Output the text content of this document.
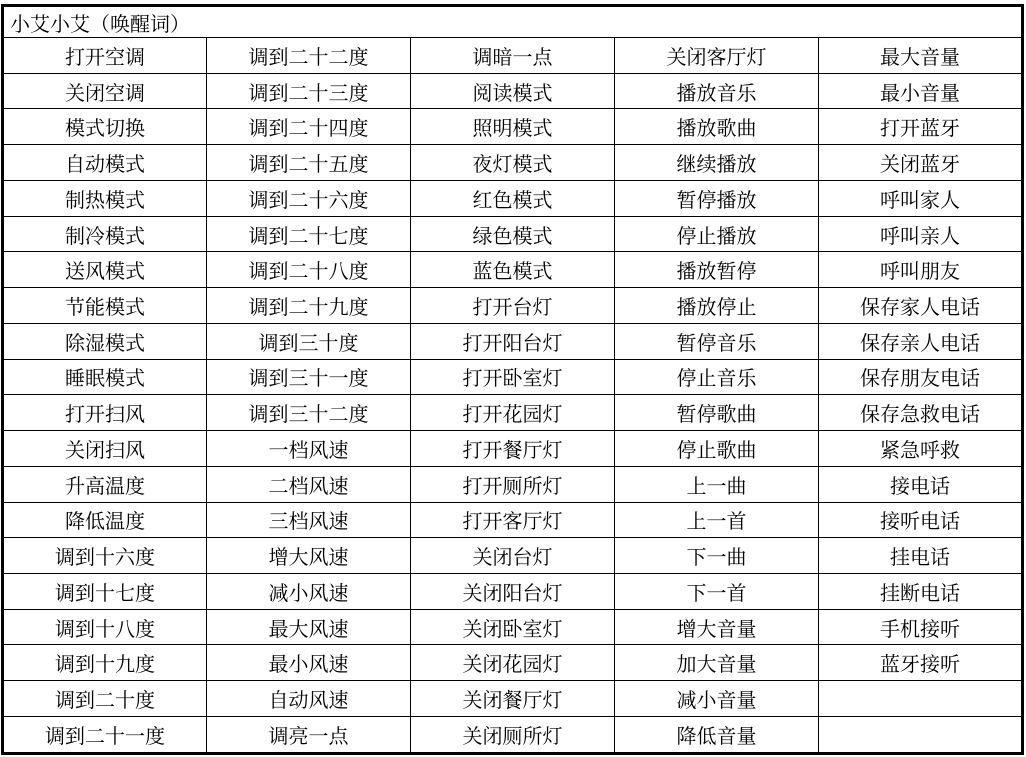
小艾小艾（唤醒词）				
打开空调	调到二十二度	调暗一点	关闭客厅灯	最大音量
关闭空调	调到二十三度	阅读模式	播放音乐	最小音量
模式切换	调到二十四度	照明模式	播放歌曲	打开蓝牙
自动模式	调到二十五度	夜灯模式	继续播放	关闭蓝牙
制热模式	调到二十六度	红色模式	暂停播放	呼叫家人
制冷模式	调到二十七度	绿色模式	停止播放	呼叫亲人
送风模式	调到二十八度	蓝色模式	播放暂停	呼叫朋友
节能模式	调到二十九度	打开台灯	播放停止	保存家人电话
除湿模式	调到三十度	打开阳台灯	暂停音乐	保存亲人电话
睡眠模式	调到三十一度	打开卧室灯	停止音乐	保存朋友电话
打开扫风	调到三十二度	打开花园灯	暂停歌曲	保存急救电话
关闭扫风	一档风速	打开餐厅灯	停止歌曲	紧急呼救
升高温度	二档风速	打开厕所灯	上一曲	接电话
降低温度	三档风速	打开客厅灯	上一首	接听电话
调到十六度	增大风速	关闭台灯	下一曲	挂电话
调到十七度	减小风速	关闭阳台灯	下一首	挂断电话
调到十八度	最大风速	关闭卧室灯	增大音量	手机接听
调到十九度	最小风速	关闭花园灯	加大音量	蓝牙接听
调到二十度	自动风速	关闭餐厅灯	减小音量	
调到二十一度	调亮一点	关闭厕所灯	降低音量	
